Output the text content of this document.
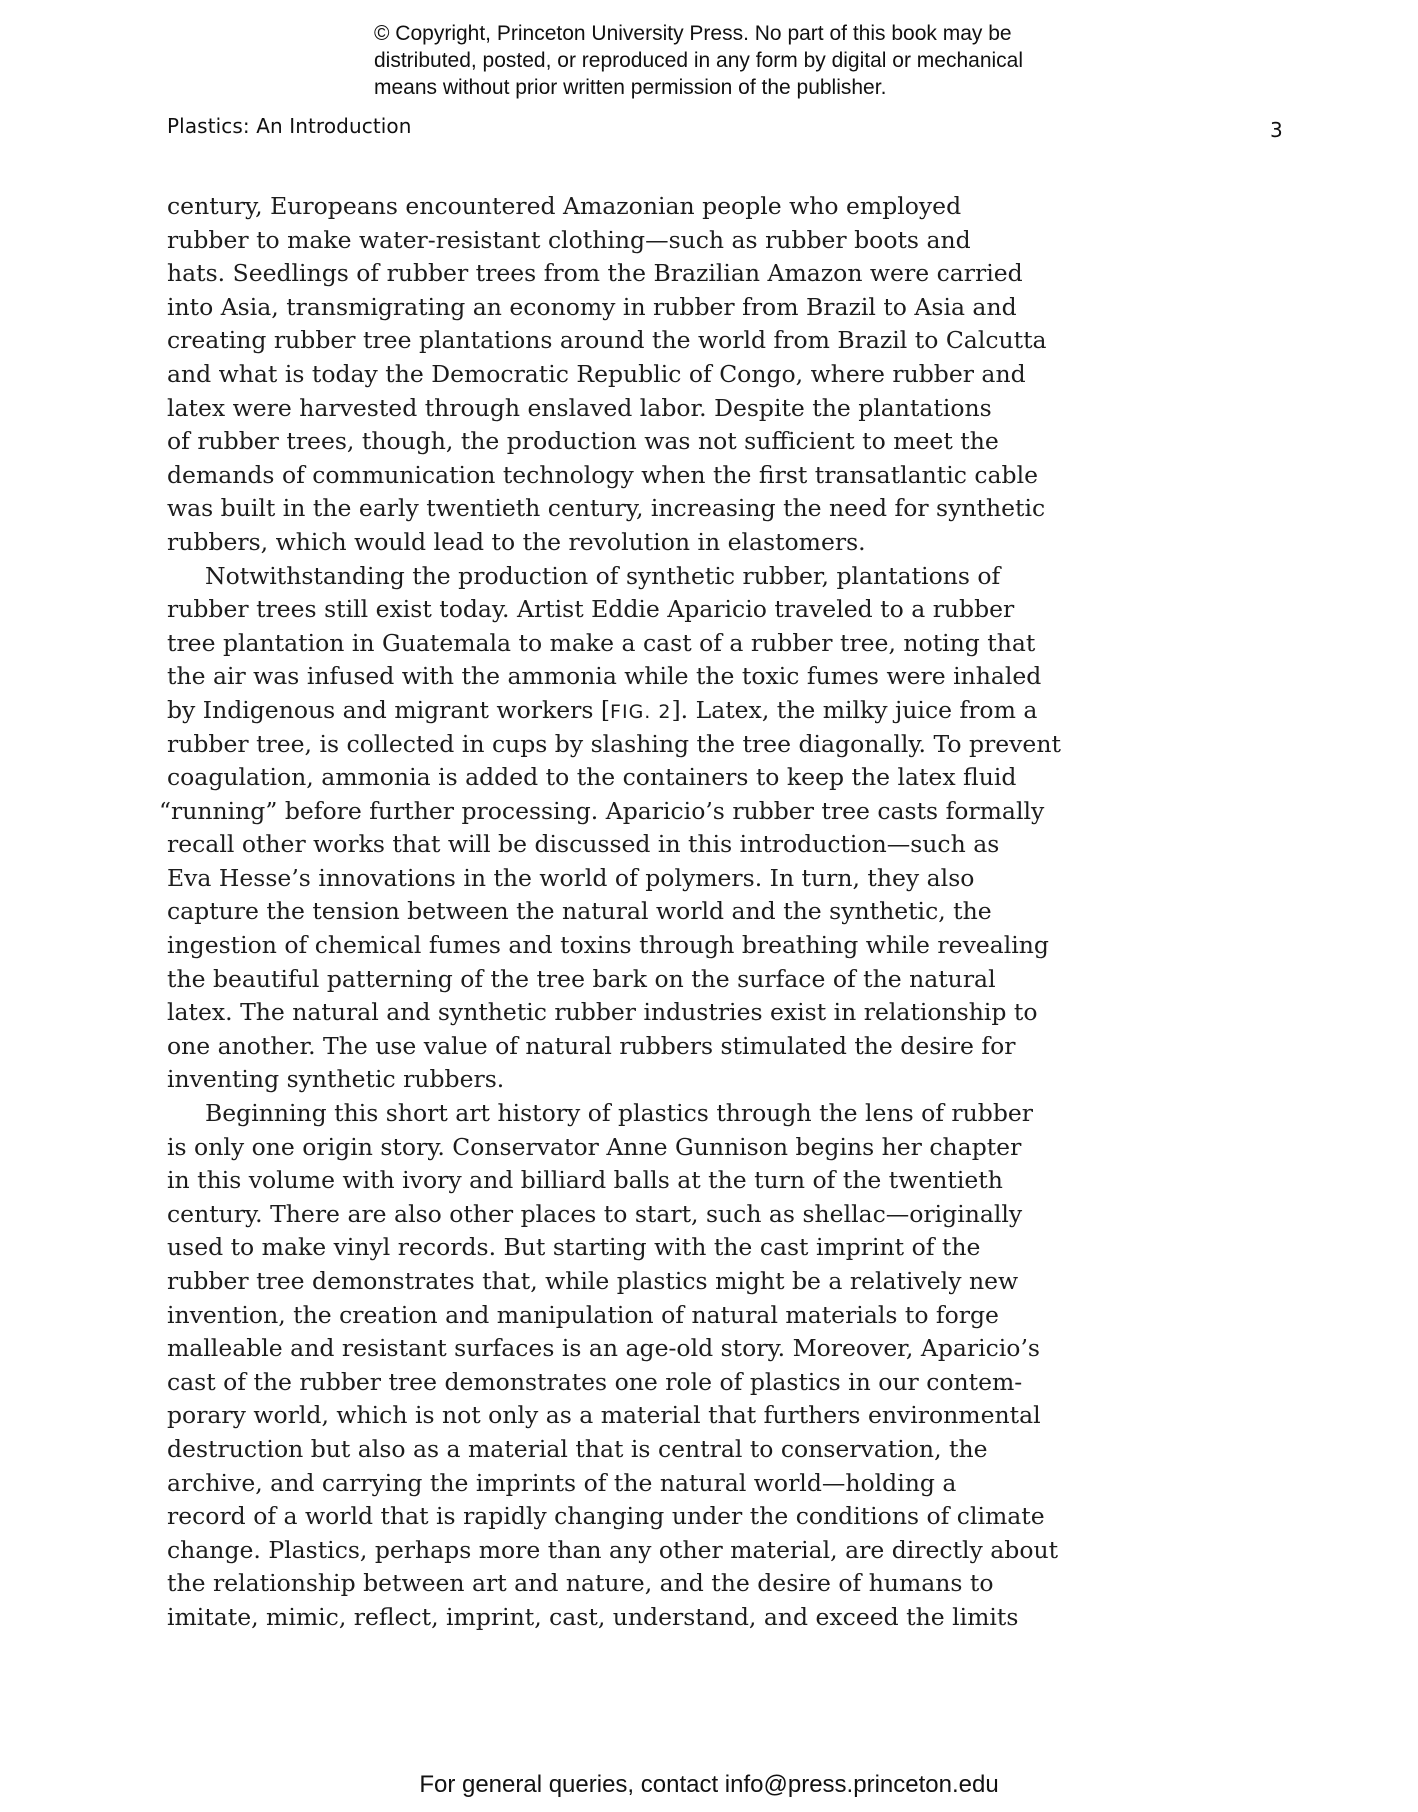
© Copyright, Princeton University Press. No part of this book may be
distributed, posted, or reproduced in any form by digital or mechanical
means without prior written permission of the publisher.
Plastics: An Introduction	3
century, Europeans encountered Amazonian people who employed
rubber to make water-resistant clothing—such as rubber boots and
hats. Seedlings of rubber trees from the Brazilian Amazon were carried
into Asia, transmigrating an economy in rubber from Brazil to Asia and
creating rubber tree plantations around the world from Brazil to Calcutta
and what is today the Democratic Republic of Congo, where rubber and
latex were harvested through enslaved labor. Despite the plantations
of rubber trees, though, the production was not sufficient to meet the
demands of communication technology when the first transatlantic cable
was built in the early twentieth century, increasing the need for synthetic
rubbers, which would lead to the revolution in elastomers.
Notwithstanding the production of synthetic rubber, plantations of
rubber trees still exist today. Artist Eddie Aparicio traveled to a rubber
tree plantation in Guatemala to make a cast of a rubber tree, noting that
the air was infused with the ammonia while the toxic fumes were inhaled
by Indigenous and migrant workers [FIG. 2]. Latex, the milky juice from a
rubber tree, is collected in cups by slashing the tree diagonally. To prevent
coagulation, ammonia is added to the containers to keep the latex fluid
“running” before further processing. Aparicio’s rubber tree casts formally
recall other works that will be discussed in this introduction—such as
Eva Hesse’s innovations in the world of polymers. In turn, they also
capture the tension between the natural world and the synthetic, the
ingestion of chemical fumes and toxins through breathing while revealing
the beautiful patterning of the tree bark on the surface of the natural
latex. The natural and synthetic rubber industries exist in relationship to
one another. The use value of natural rubbers stimulated the desire for
inventing synthetic rubbers.
Beginning this short art history of plastics through the lens of rubber
is only one origin story. Conservator Anne Gunnison begins her chapter
in this volume with ivory and billiard balls at the turn of the twentieth
century. There are also other places to start, such as shellac—originally
used to make vinyl records. But starting with the cast imprint of the
rubber tree demonstrates that, while plastics might be a relatively new
invention, the creation and manipulation of natural materials to forge
malleable and resistant surfaces is an age-old story. Moreover, Aparicio’s
cast of the rubber tree demonstrates one role of plastics in our contem-
porary world, which is not only as a material that furthers environmental
destruction but also as a material that is central to conservation, the
archive, and carrying the imprints of the natural world—holding a
record of a world that is rapidly changing under the conditions of climate
change. Plastics, perhaps more than any other material, are directly about
the relationship between art and nature, and the desire of humans to
imitate, mimic, reflect, imprint, cast, understand, and exceed the limits
For general queries, contact info@press.princeton.edu
